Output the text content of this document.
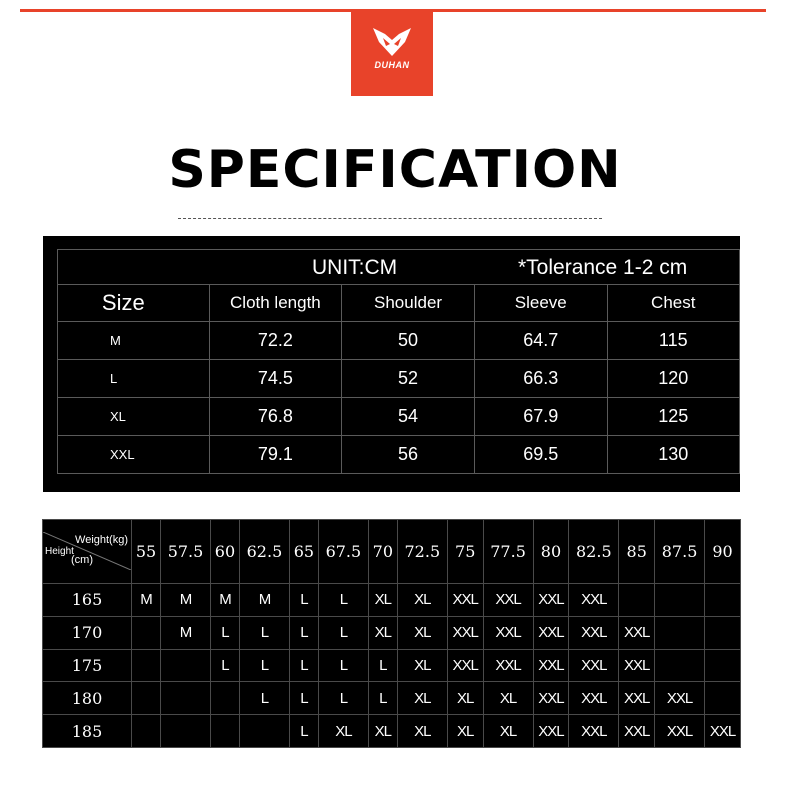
DUHAN
SPECIFICATION
UNIT:CM *Tolerance 1-2 cm				

Size	Cloth length	Shoulder	Sleeve	Chest
M	72.2	50	64.7	115
L	74.5	52	66.3	120
XL	76.8	54	67.9	125
XXL	79.1	56	69.5	130
Weight(kg)
Height
(cm)	55	57.5	60	62.5	65	67.5	70	72.5	75	77.5	80	82.5	85	87.5	90
165	M	M	M	M	L	L	XL	XL	XXL	XXL	XXL	XXL			
170		M	L	L	L	L	XL	XL	XXL	XXL	XXL	XXL	XXL		
175			L	L	L	L	L	XL	XXL	XXL	XXL	XXL	XXL		
180				L	L	L	L	XL	XL	XL	XXL	XXL	XXL	XXL	
185					L	XL	XL	XL	XL	XL	XXL	XXL	XXL	XXL	XXL
